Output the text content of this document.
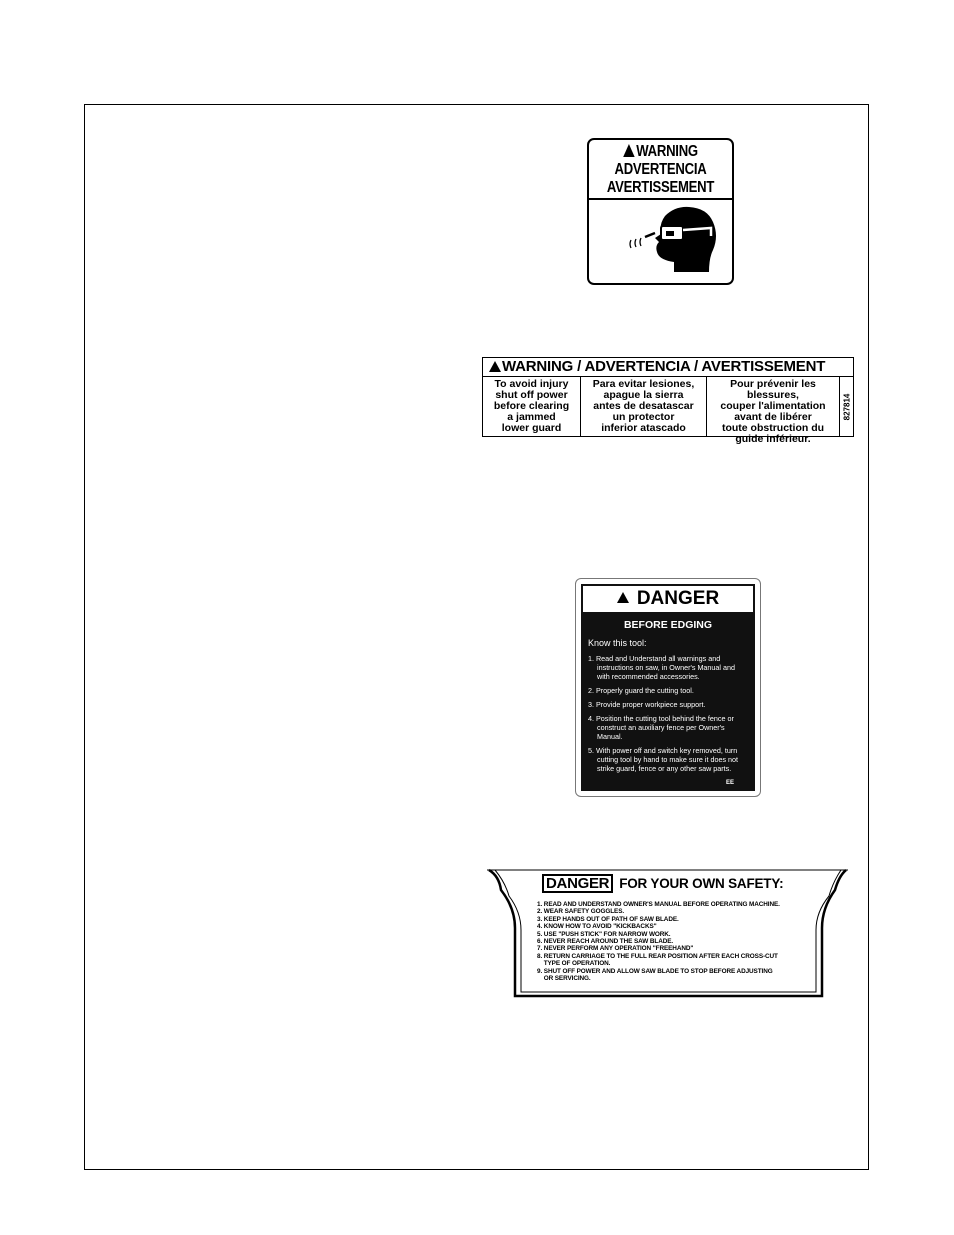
WARNING
ADVERTENCIA
AVERTISSEMENT
WARNING / ADVERTENCIA / AVERTISSEMENT
To avoid injury
shut off power
before clearing
a jammed
lower guard
Para evitar lesiones,
apague la sierra
antes de desatascar
un protector
inferior atascado
Pour prévenir les blessures,
couper l'alimentation
avant de libérer
toute obstruction du
guide inférieur.
827814
DANGER
BEFORE EDGING
Know this tool:
1. Read and Understand all warnings and instructions on saw, in Owner's Manual and with recommended accessories.
2. Properly guard the cutting tool.
3. Provide proper workpiece support.
4. Position the cutting tool behind the fence or construct an auxiliary fence per Owner's Manual.
5. With power off and switch key removed, turn cutting tool by hand to make sure it does not strike guard, fence or any other saw parts.
EE
DANGER FOR YOUR OWN SAFETY:
1. READ AND UNDERSTAND OWNER'S MANUAL BEFORE OPERATING MACHINE.
2. WEAR SAFETY GOGGLES.
3. KEEP HANDS OUT OF PATH OF SAW BLADE.
4. KNOW HOW TO AVOID "KICKBACKS"
5. USE "PUSH STICK" FOR NARROW WORK.
6. NEVER REACH AROUND THE SAW BLADE.
7. NEVER PERFORM ANY OPERATION "FREEHAND"
8. RETURN CARRIAGE TO THE FULL REAR POSITION AFTER EACH CROSS-CUT
TYPE OF OPERATION.
9. SHUT OFF POWER AND ALLOW SAW BLADE TO STOP BEFORE ADJUSTING
OR SERVICING.
